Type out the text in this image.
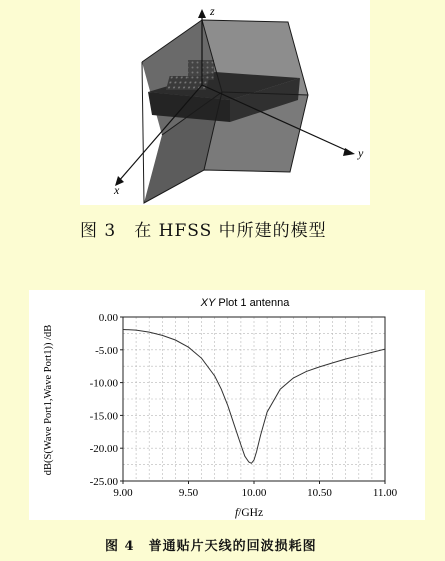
z
y
x
图 3　在 HFSS 中所建的模型
XY Plot 1 antenna
dB(S(Wave Port1,Wave Port1)) /dB
f/GHz
9.00	9.50	10.00	10.50	11.00
0.00
-5.00
-10.00
-15.00
-20.00
-25.00
图 4　普通贴片天线的回波损耗图
